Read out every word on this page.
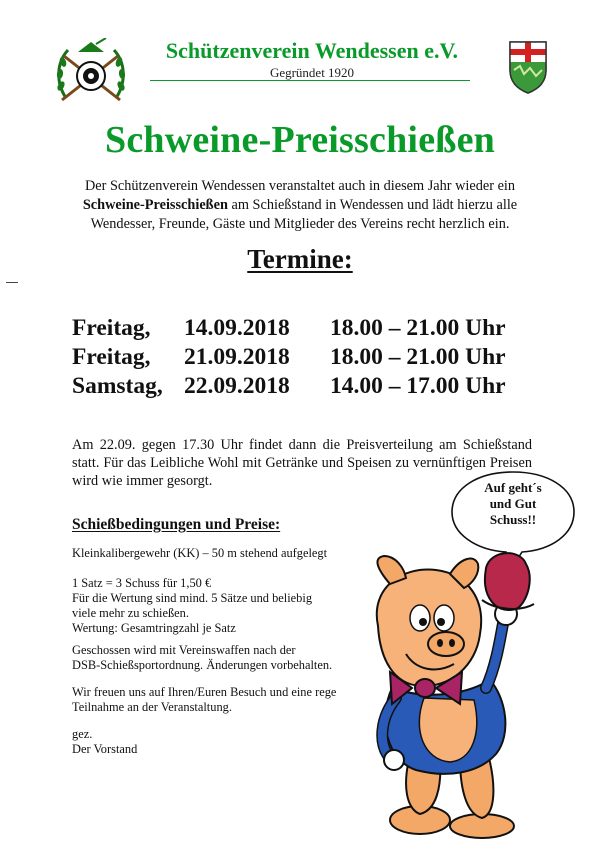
Schützenverein Wendessen e.V.
Gegründet 1920
Schweine-Preisschießen
Der Schützenverein Wendessen veranstaltet auch in diesem Jahr wieder ein Schweine-Preisschießen am Schießstand in Wendessen und lädt hierzu alle Wendesser, Freunde, Gäste und Mitglieder des Vereins recht herzlich ein.
Termine:
Freitag,	14.09.2018	18.00 – 21.00 Uhr
Freitag,	21.09.2018	18.00 – 21.00 Uhr
Samstag, 22.09.2018	14.00 – 17.00 Uhr
Am 22.09. gegen 17.30 Uhr findet dann die Preisverteilung am Schießstand statt. Für das Leibliche Wohl mit Getränke und Speisen zu vernünftigen Preisen wird wie immer gesorgt.
Schießbedingungen und Preise:
Kleinkalibergewehr (KK) – 50 m stehend aufgelegt
1 Satz = 3 Schuss für 1,50 €
Für die Wertung sind mind. 5 Sätze und beliebig
viele mehr zu schießen.
Wertung: Gesamtringzahl je Satz
Geschossen wird mit Vereinswaffen nach der
DSB-Schießsportordnung. Änderungen vorbehalten.
Wir freuen uns auf Ihren/Euren Besuch und eine rege
Teilnahme an der Veranstaltung.
gez.
Der Vorstand
Auf geht´s
und Gut
Schuss!!
